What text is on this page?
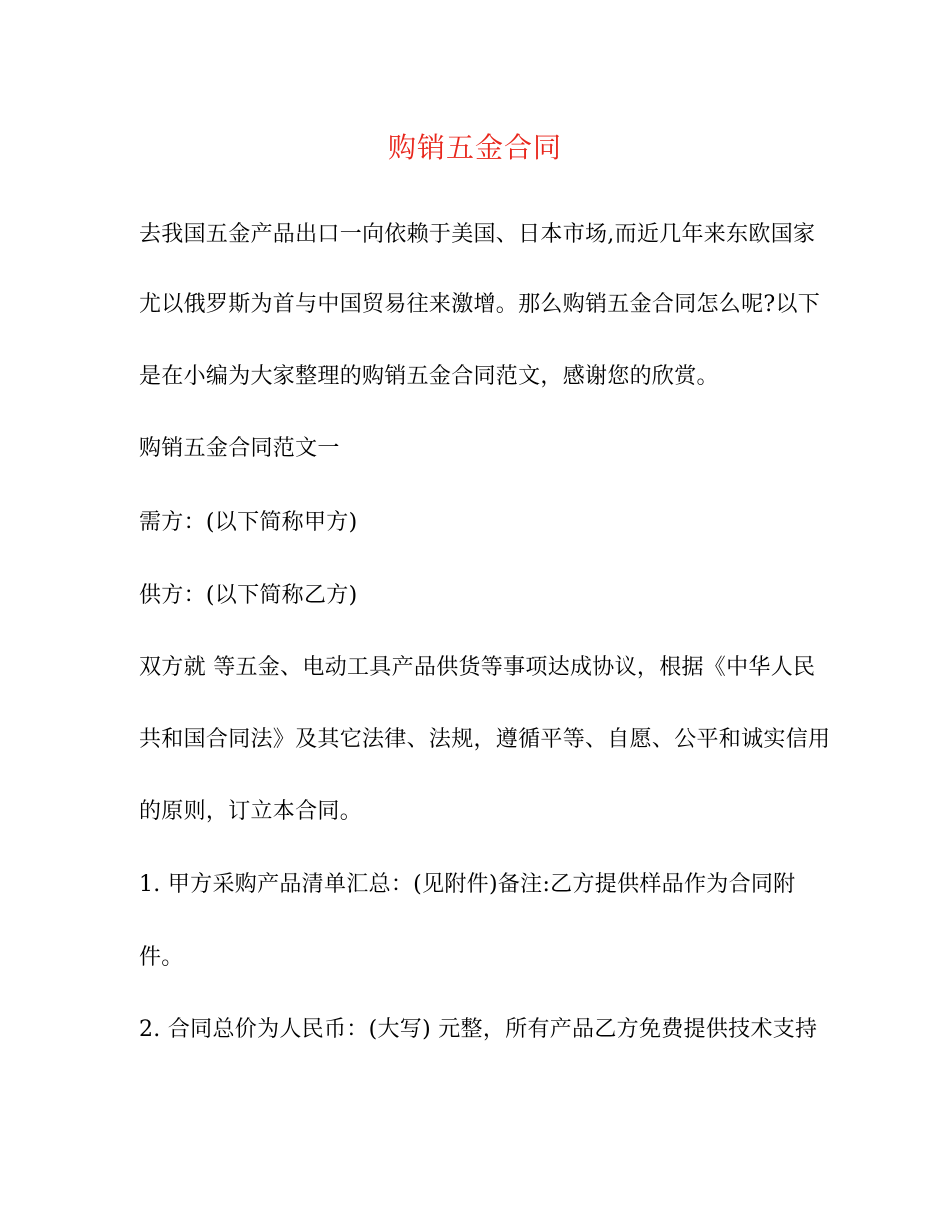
购销五金合同
去我国五金产品出口一向依赖于美国、日本市场,而近几年来东欧国家
尤以俄罗斯为首与中国贸易往来激增。那么购销五金合同怎么呢?以下
是在小编为大家整理的购销五金合同范文，感谢您的欣赏。
购销五金合同范文一
需方：(以下简称甲方)
供方：(以下简称乙方)
双方就 等五金、电动工具产品供货等事项达成协议，根据《中华人民
共和国合同法》及其它法律、法规，遵循平等、自愿、公平和诚实信用
的原则，订立本合同。
1. 甲方采购产品清单汇总：(见附件)备注:乙方提供样品作为合同附
件。
2. 合同总价为人民币：(大写) 元整，所有产品乙方免费提供技术支持
